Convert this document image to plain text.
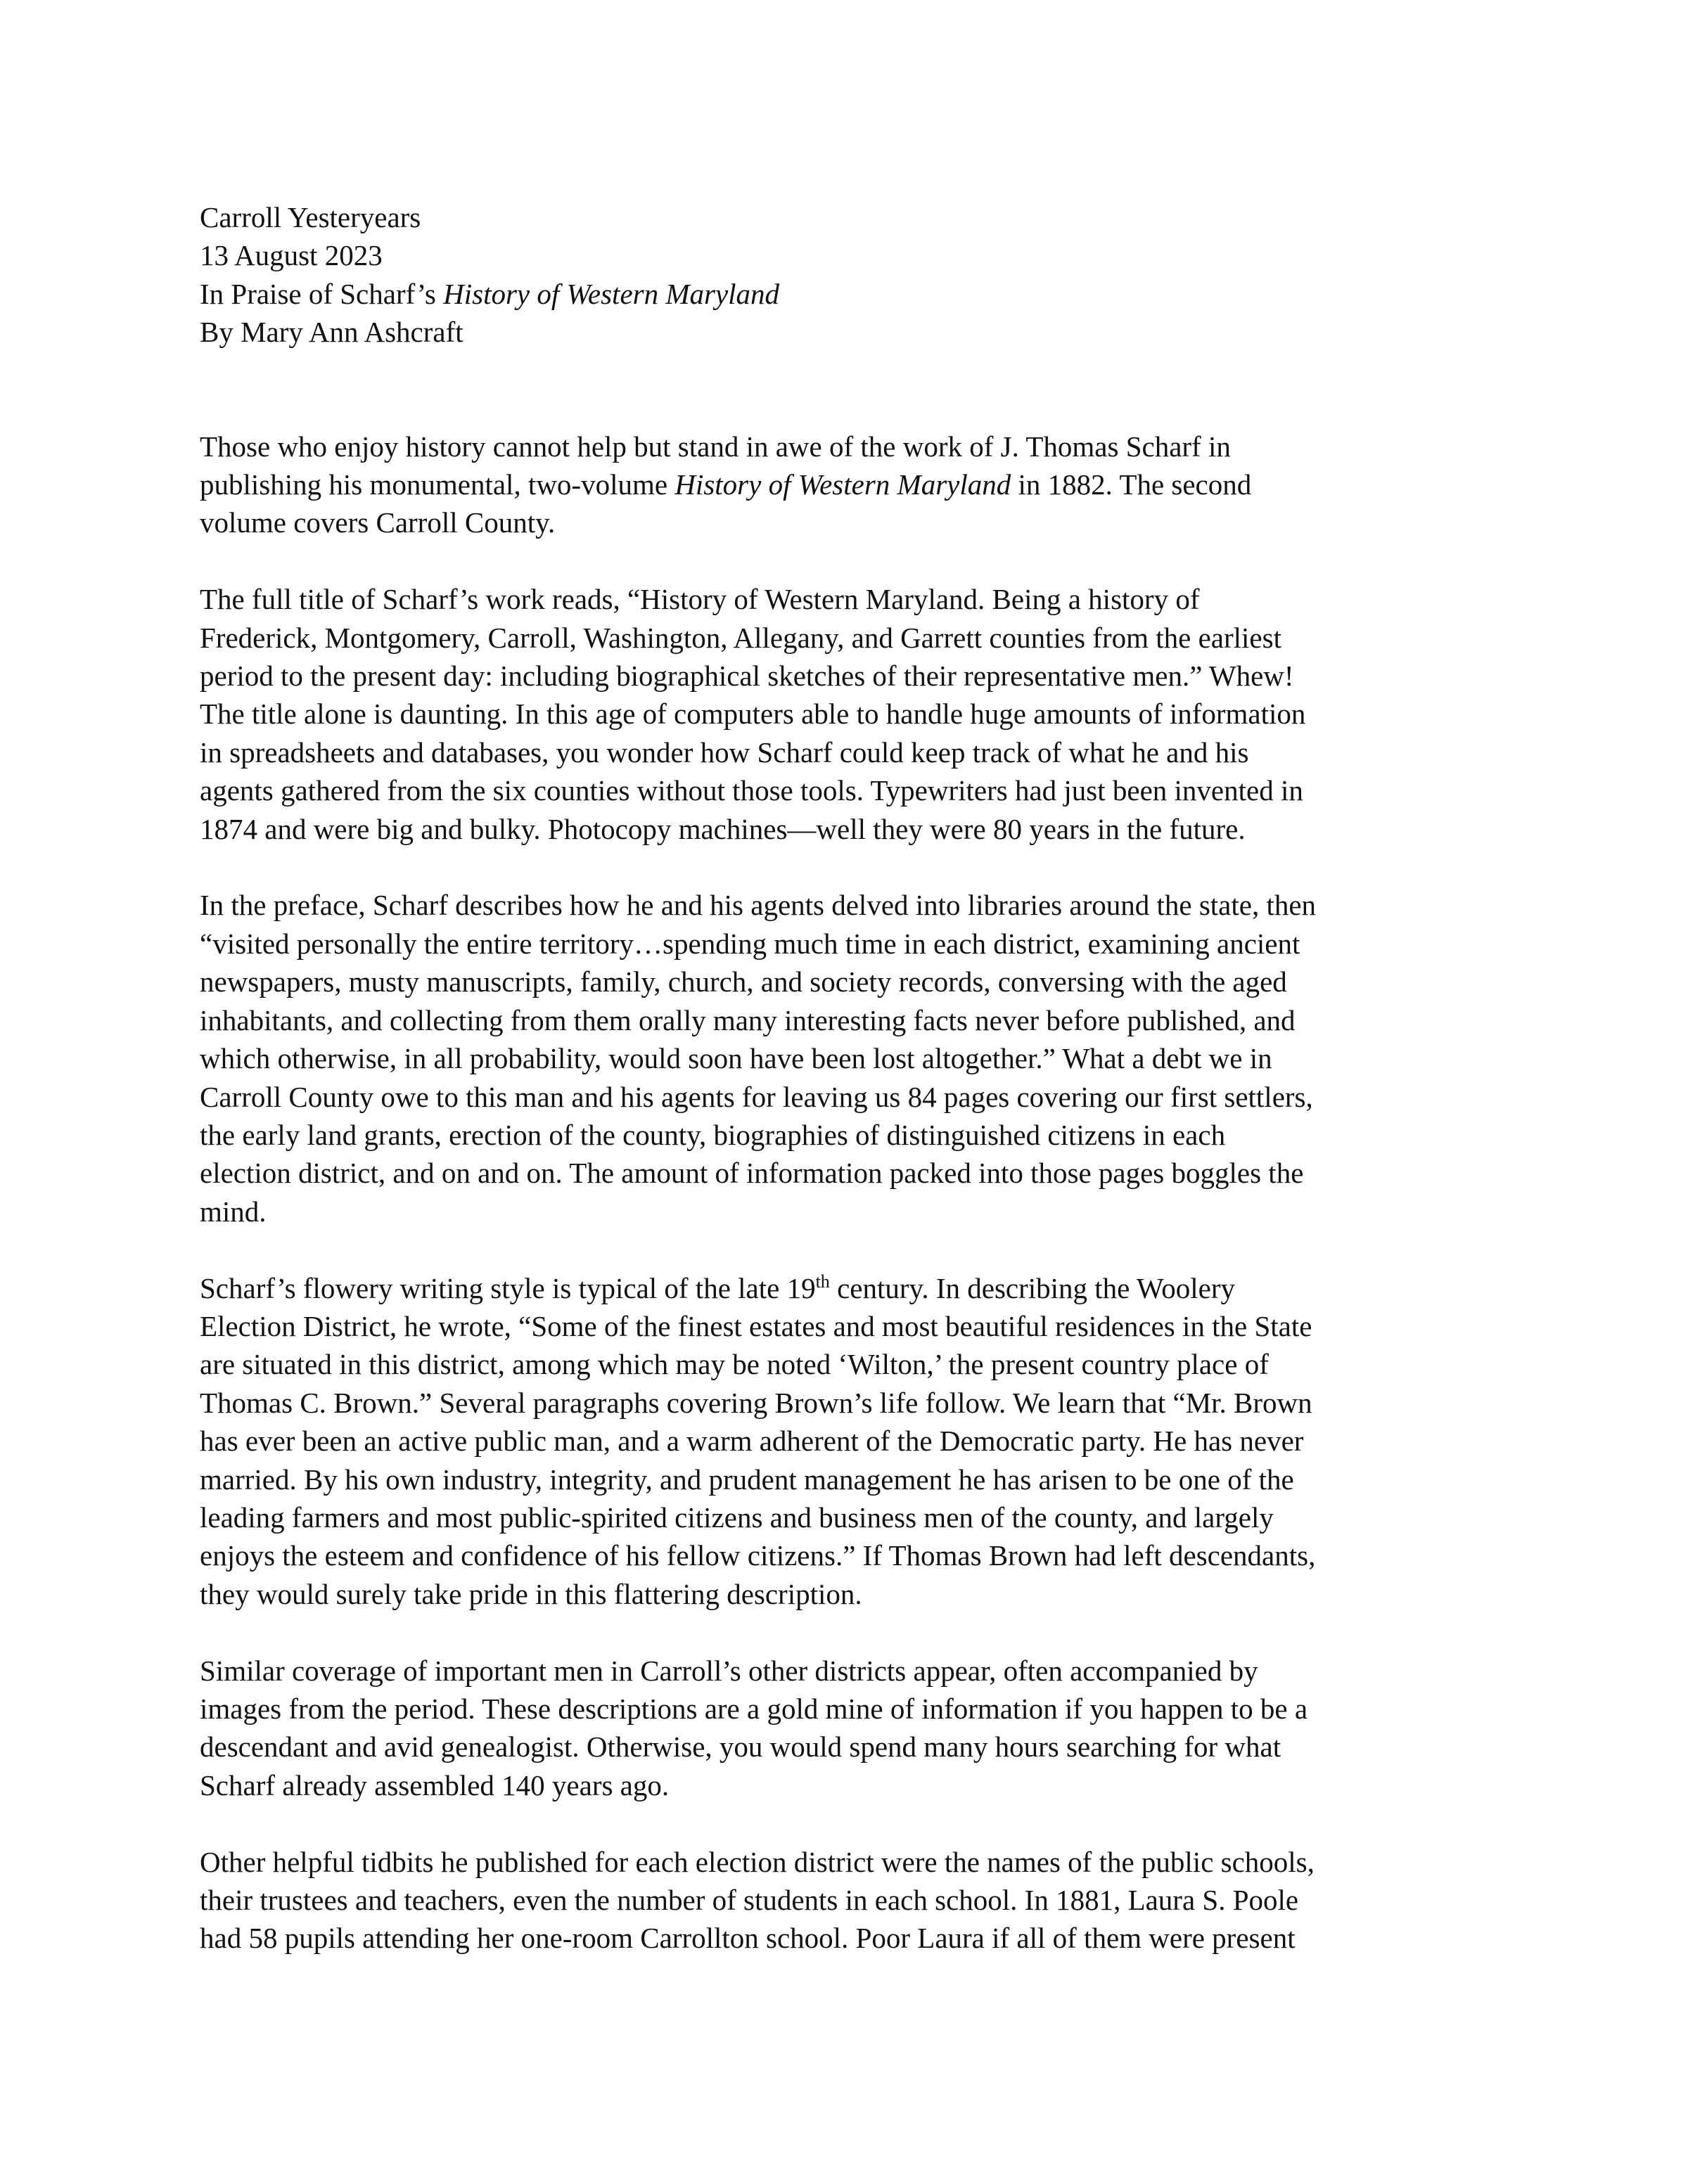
Carroll Yesteryears
13 August 2023
In Praise of Scharf’s History of Western Maryland
By Mary Ann Ashcraft
Those who enjoy history cannot help but stand in awe of the work of J. Thomas Scharf in
publishing his monumental, two-volume History of Western Maryland in 1882. The second
volume covers Carroll County.
The full title of Scharf’s work reads, “History of Western Maryland. Being a history of
Frederick, Montgomery, Carroll, Washington, Allegany, and Garrett counties from the earliest
period to the present day: including biographical sketches of their representative men.” Whew!
The title alone is daunting. In this age of computers able to handle huge amounts of information
in spreadsheets and databases, you wonder how Scharf could keep track of what he and his
agents gathered from the six counties without those tools. Typewriters had just been invented in
1874 and were big and bulky. Photocopy machines—well they were 80 years in the future.
In the preface, Scharf describes how he and his agents delved into libraries around the state, then
“visited personally the entire territory…spending much time in each district, examining ancient
newspapers, musty manuscripts, family, church, and society records, conversing with the aged
inhabitants, and collecting from them orally many interesting facts never before published, and
which otherwise, in all probability, would soon have been lost altogether.” What a debt we in
Carroll County owe to this man and his agents for leaving us 84 pages covering our first settlers,
the early land grants, erection of the county, biographies of distinguished citizens in each
election district, and on and on. The amount of information packed into those pages boggles the
mind.
Scharf’s flowery writing style is typical of the late 19th century. In describing the Woolery
Election District, he wrote, “Some of the finest estates and most beautiful residences in the State
are situated in this district, among which may be noted ‘Wilton,’ the present country place of
Thomas C. Brown.” Several paragraphs covering Brown’s life follow. We learn that “Mr. Brown
has ever been an active public man, and a warm adherent of the Democratic party. He has never
married. By his own industry, integrity, and prudent management he has arisen to be one of the
leading farmers and most public-spirited citizens and business men of the county, and largely
enjoys the esteem and confidence of his fellow citizens.” If Thomas Brown had left descendants,
they would surely take pride in this flattering description.
Similar coverage of important men in Carroll’s other districts appear, often accompanied by
images from the period. These descriptions are a gold mine of information if you happen to be a
descendant and avid genealogist. Otherwise, you would spend many hours searching for what
Scharf already assembled 140 years ago.
Other helpful tidbits he published for each election district were the names of the public schools,
their trustees and teachers, even the number of students in each school. In 1881, Laura S. Poole
had 58 pupils attending her one-room Carrollton school. Poor Laura if all of them were present
